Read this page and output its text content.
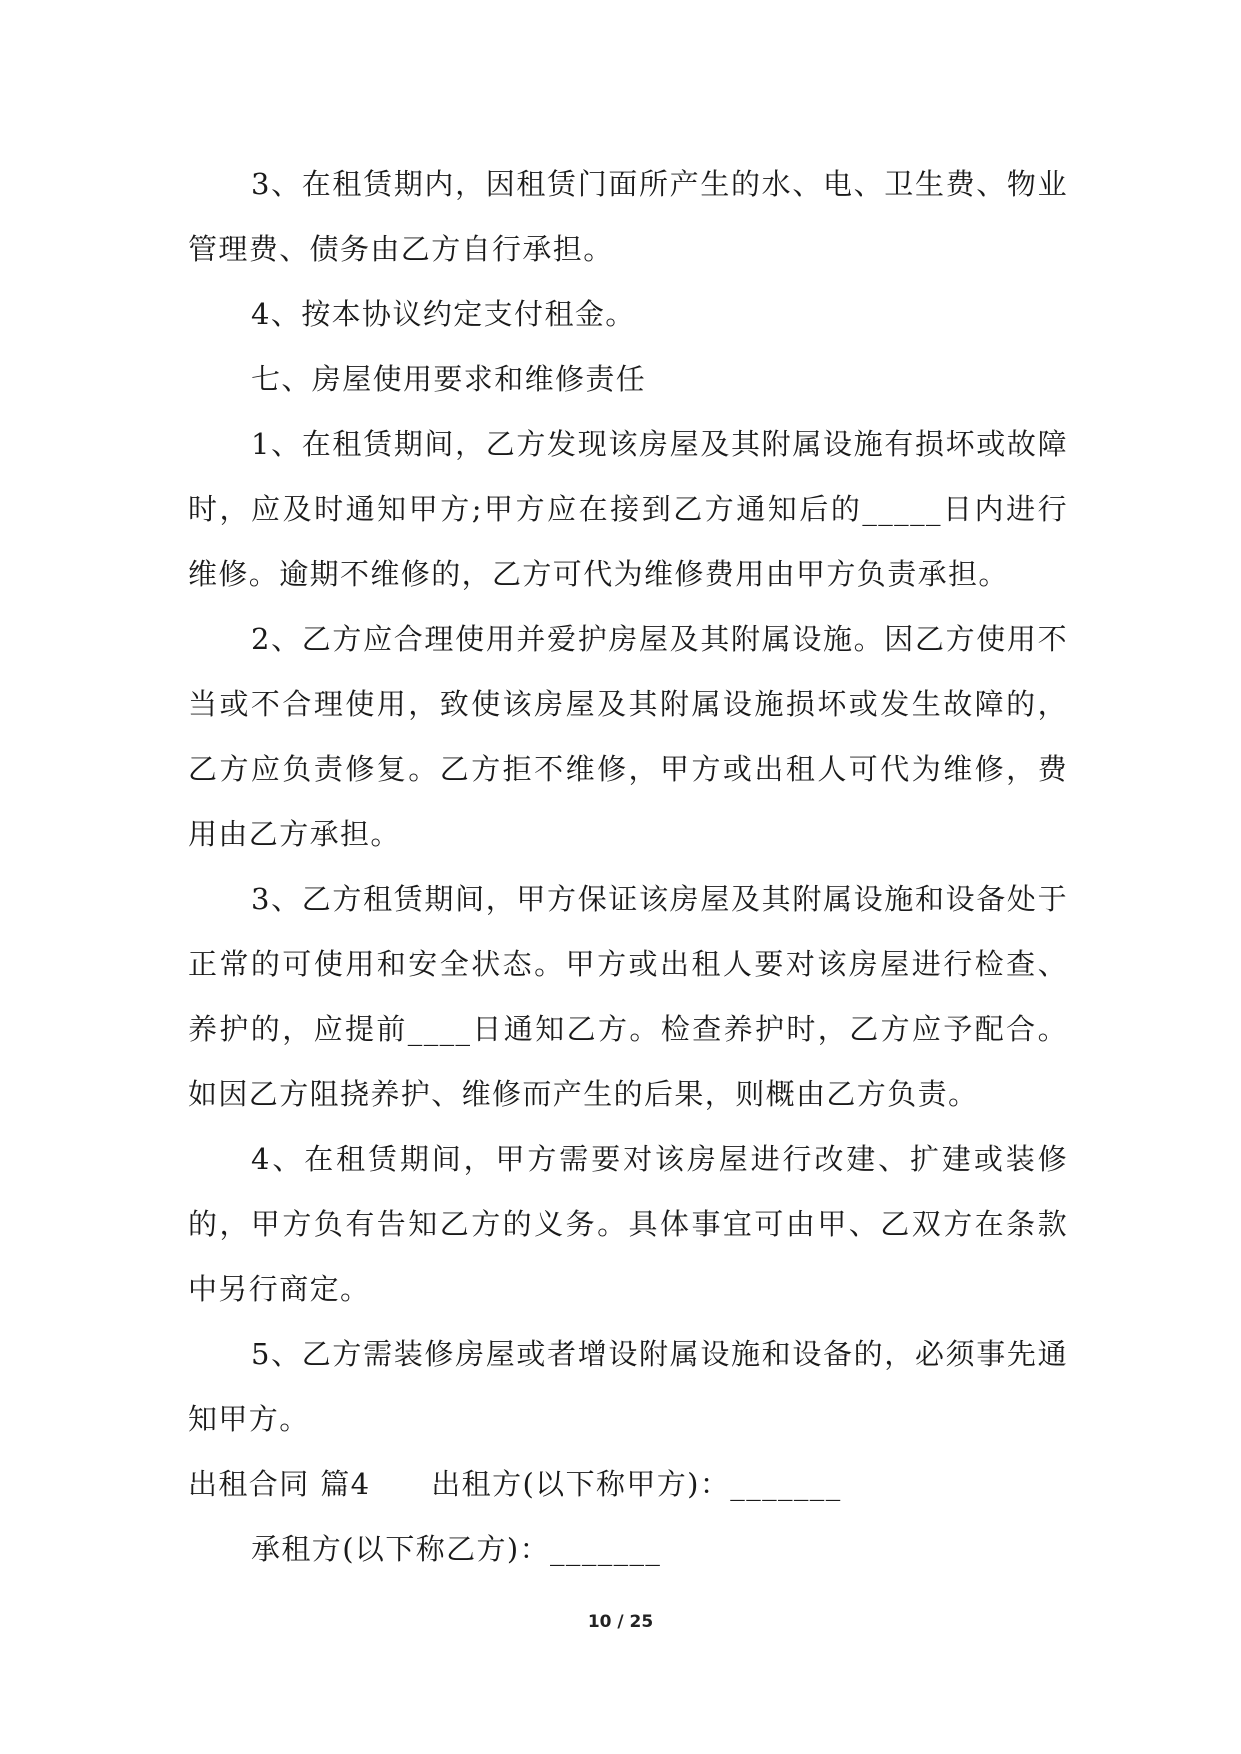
3、在租赁期内，因租赁门面所产生的水、电、卫生费、物业管理费、债务由乙方自行承担。

4、按本协议约定支付租金。

七、房屋使用要求和维修责任

1、在租赁期间，乙方发现该房屋及其附属设施有损坏或故障时，应及时通知甲方;甲方应在接到乙方通知后的_____日内进行维修。逾期不维修的，乙方可代为维修费用由甲方负责承担。

2、乙方应合理使用并爱护房屋及其附属设施。因乙方使用不当或不合理使用，致使该房屋及其附属设施损坏或发生故障的，乙方应负责修复。乙方拒不维修，甲方或出租人可代为维修，费用由乙方承担。

3、乙方租赁期间，甲方保证该房屋及其附属设施和设备处于正常的可使用和安全状态。甲方或出租人要对该房屋进行检查、养护的，应提前____日通知乙方。检查养护时，乙方应予配合。如因乙方阻挠养护、维修而产生的后果，则概由乙方负责。

4、在租赁期间，甲方需要对该房屋进行改建、扩建或装修的，甲方负有告知乙方的义务。具体事宜可由甲、乙双方在条款中另行商定。

5、乙方需装修房屋或者增设附属设施和设备的，必须事先通知甲方。

出租合同 篇4　　出租方(以下称甲方)：_______

承租方(以下称乙方)：_______

10 / 25
